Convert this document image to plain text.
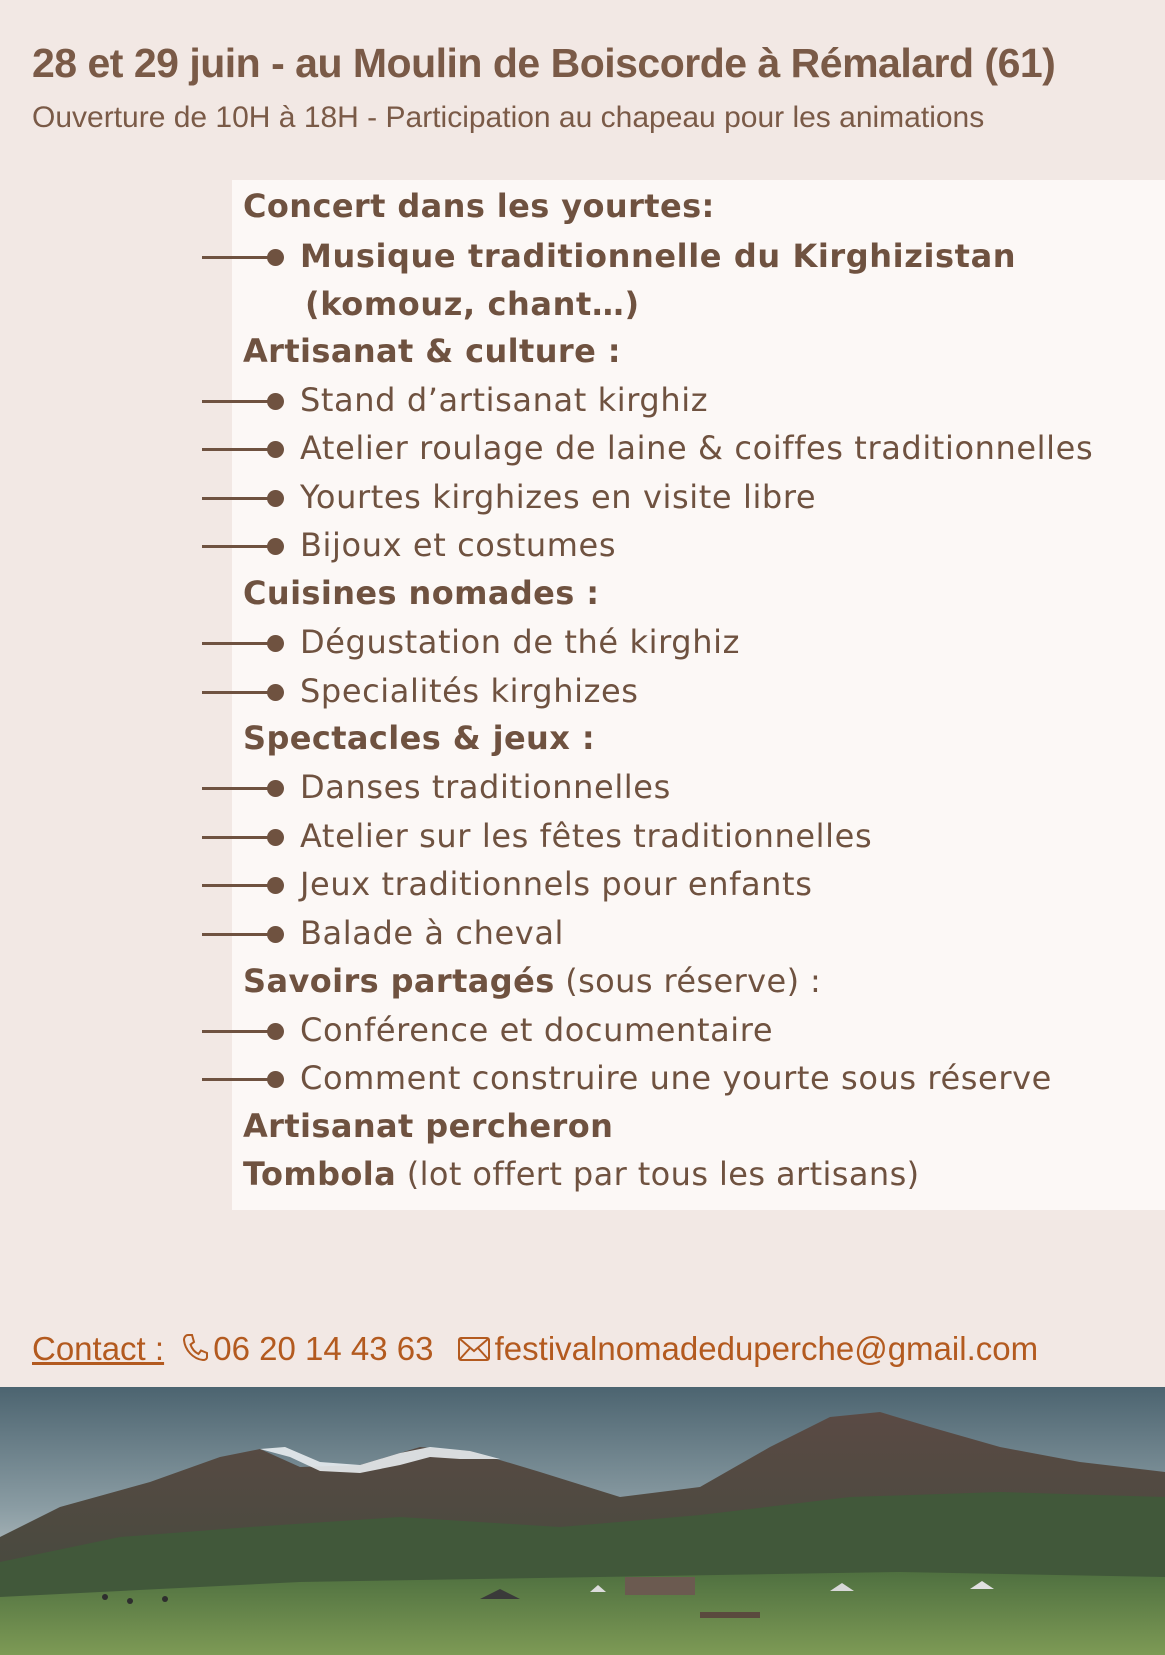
28 et 29 juin - au Moulin de Boiscorde à Rémalard (61)
Ouverture de 10H à 18H - Participation au chapeau pour les animations
Concert dans les yourtes:
Musique traditionnelle du Kirghizistan
(komouz, chant…)
Artisanat & culture :
Stand d’artisanat kirghiz
Atelier roulage de laine & coiffes traditionnelles
Yourtes kirghizes en visite libre
Bijoux et costumes
Cuisines nomades :
Dégustation de thé kirghiz
Specialités kirghizes
Spectacles & jeux :
Danses traditionnelles
Atelier sur les fêtes traditionnelles
Jeux traditionnels pour enfants
Balade à cheval
Savoirs partagés (sous réserve) :
Conférence et documentaire
Comment construire une yourte sous réserve
Artisanat percheron
Tombola (lot offert par tous les artisans)
Contact : 06 20 14 43 63 festivalnomadeduperche@gmail.com
